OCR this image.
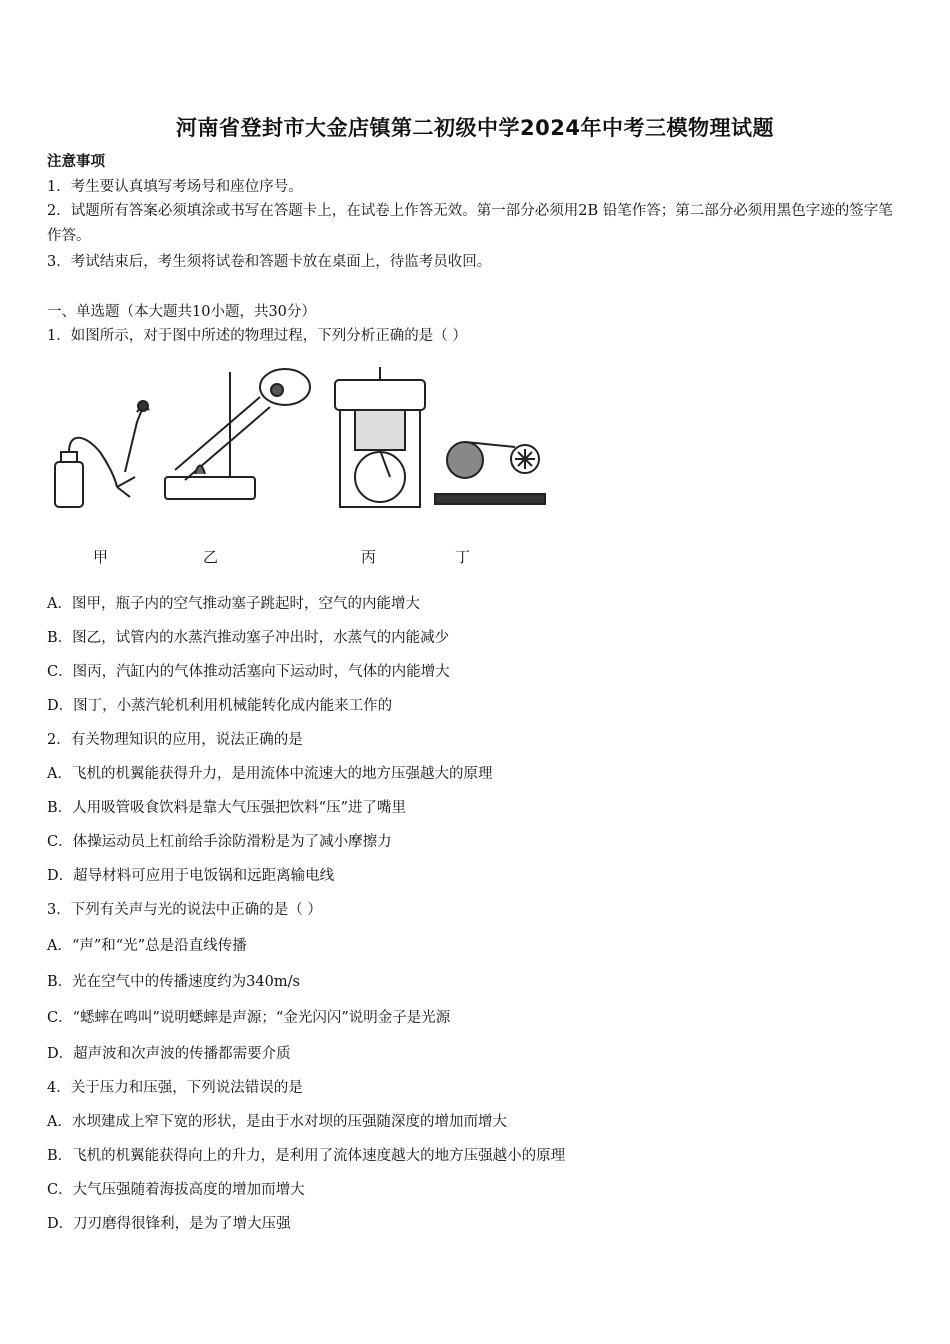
河南省登封市大金店镇第二初级中学2024年中考三模物理试题
注意事项
1．考生要认真填写考场号和座位序号。
2．试题所有答案必须填涂或书写在答题卡上，在试卷上作答无效。第一部分必须用2B 铅笔作答；第二部分必须用黑色字迹的签字笔作答。
3．考试结束后，考生须将试卷和答题卡放在桌面上，待监考员收回。
一、单选题（本大题共10小题，共30分）
1．如图所示，对于图中所述的物理过程，下列分析正确的是（ ）
甲	乙	丙	丁
A．图甲，瓶子内的空气推动塞子跳起时，空气的内能增大
B．图乙，试管内的水蒸汽推动塞子冲出时，水蒸气的内能减少
C．图丙，汽缸内的气体推动活塞向下运动时，气体的内能增大
D．图丁，小蒸汽轮机利用机械能转化成内能来工作的
2．有关物理知识的应用，说法正确的是
A．飞机的机翼能获得升力，是用流体中流速大的地方压强越大的原理
B．人用吸管吸食饮料是靠大气压强把饮料“压”进了嘴里
C．体操运动员上杠前给手涂防滑粉是为了减小摩擦力
D．超导材料可应用于电饭锅和远距离输电线
3．下列有关声与光的说法中正确的是（ ）
A．“声”和“光”总是沿直线传播
B．光在空气中的传播速度约为340m/s
C．“蟋蟀在鸣叫”说明蟋蟀是声源；“金光闪闪”说明金子是光源
D．超声波和次声波的传播都需要介质
4．关于压力和压强，下列说法错误的是
A．水坝建成上窄下宽的形状，是由于水对坝的压强随深度的增加而增大
B．飞机的机翼能获得向上的升力，是利用了流体速度越大的地方压强越小的原理
C．大气压强随着海拔高度的增加而增大
D．刀刃磨得很锋利，是为了增大压强
